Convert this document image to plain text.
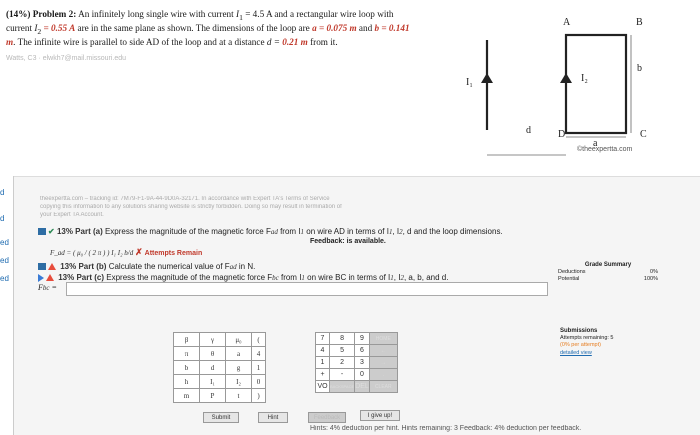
(14%) Problem 2: An infinitely long single wire with current $I_1 = 4.5$ A and a rectangular wire loop with current $I_2 = 0.55$ A are in the same plane as shown. The dimensions of the loop are a = 0.075 m and b = 0.141 m. The infinite wire is parallel to side AD of the loop and at a distance d = 0.21 m from it.
Watts, C3 · elwkh7@mail.missouri.edu
A	B
C
D
a
b
d
I₁	I₂
©theexpertta.com
d
d
ed
ed
ed
theexpertta.com – tracking id: 7M79-F1-9A-44-9D0A-32171. In accordance with Expert TA's Terms of Service
copying this information to any solutions sharing website is strictly forbidden. Doing so may result in termination of
your Expert TA Account.
✔ 13% Part (a) Express the magnitude of the magnetic force Fad from I1 on wire AD in terms of I1, I2, d and the loop dimensions.
Feedback: is available.
F_ad = ( μ₀ / ( 2 π ) ) I₁ I₂ b/d ✗ Attempts Remain
13% Part (b) Calculate the numerical value of Fad in N.
13% Part (c) Express the magnitude of the magnetic force Fbc from I1 on wire BC in terms of I1, I2, a, b, and d.
Fbc =
β	γ	μ₀	(
π	θ	a	4
b	d	g	1
h	I₁	I₂	0
m	P	t	)
7	8	9	HOME
4	5	6	←
1	2	3	→
+	-	0	.
VO	BACKSPACE	DEL	CLEAR
Submit	Hint	Feedback	I give up!
Hints: 4% deduction per hint. Hints remaining: 3 Feedback: 4% deduction per feedback.
Grade Summary
Deductions	0%
Potential	100%
Submissions
Attempts remaining: 5
(0% per attempt)
detailed view
